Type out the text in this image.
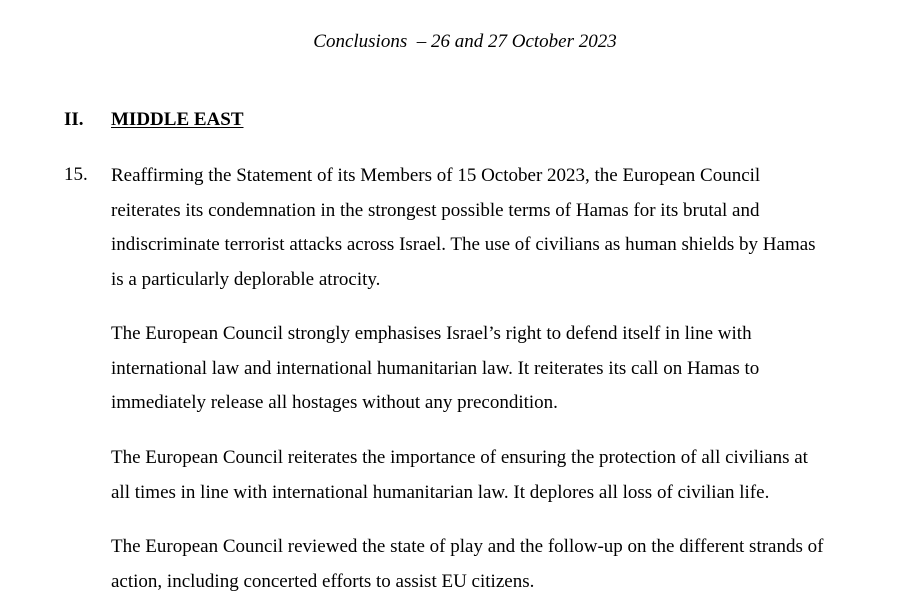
Conclusions  – 26 and 27 October 2023
II. MIDDLE EAST
15. Reaffirming the Statement of its Members of 15 October 2023, the European Council
reiterates its condemnation in the strongest possible terms of Hamas for its brutal and
indiscriminate terrorist attacks across Israel. The use of civilians as human shields by Hamas
is a particularly deplorable atrocity.
The European Council strongly emphasises Israel’s right to defend itself in line with
international law and international humanitarian law. It reiterates its call on Hamas to
immediately release all hostages without any precondition.
The European Council reiterates the importance of ensuring the protection of all civilians at
all times in line with international humanitarian law. It deplores all loss of civilian life.
The European Council reviewed the state of play and the follow-up on the different strands of
action, including concerted efforts to assist EU citizens.
